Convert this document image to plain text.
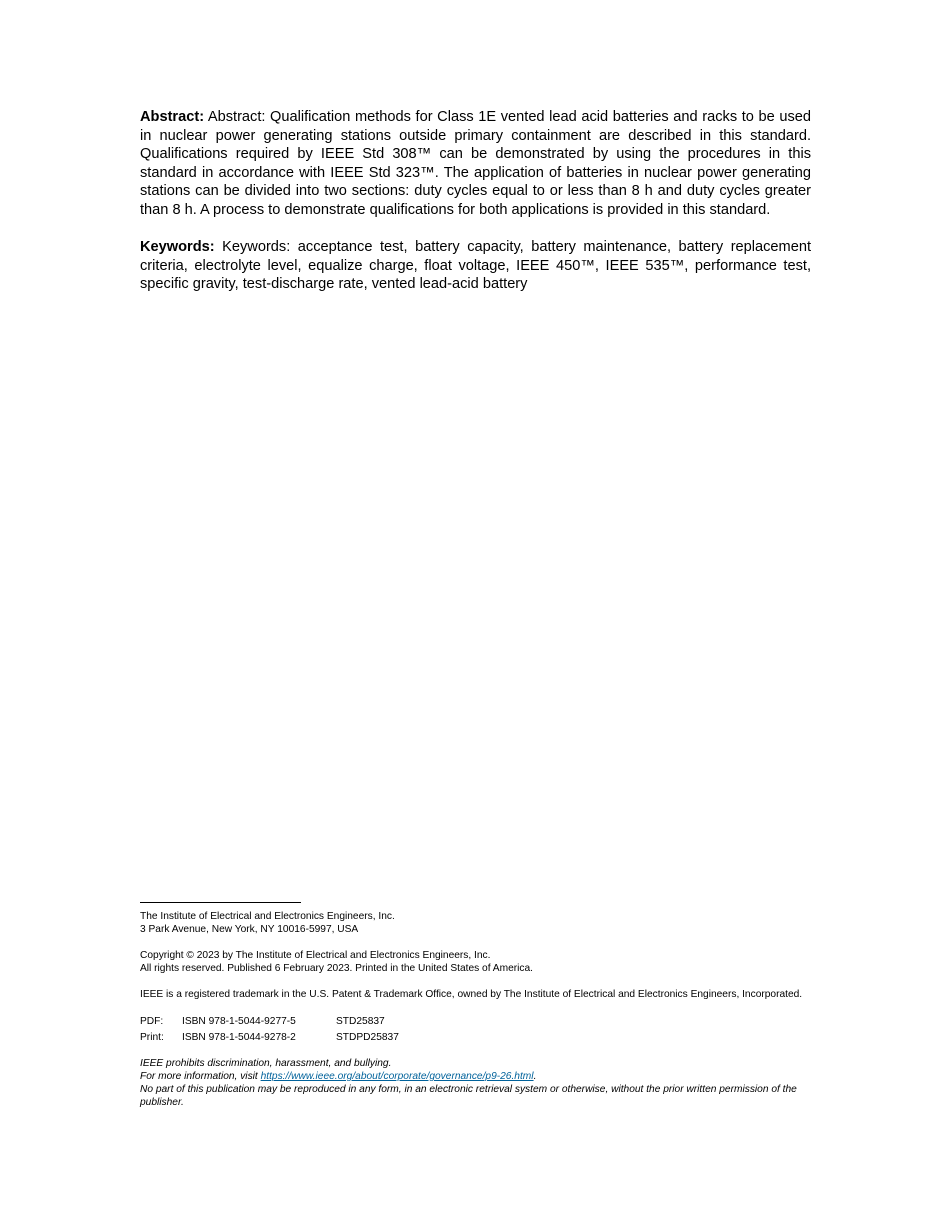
Abstract: Abstract: Qualification methods for Class 1E vented lead acid batteries and racks to be used in nuclear power generating stations outside primary containment are described in this standard. Qualifications required by IEEE Std 308™ can be demonstrated by using the procedures in this standard in accordance with IEEE Std 323™. The application of batteries in nuclear power generating stations can be divided into two sections: duty cycles equal to or less than 8 h and duty cycles greater than 8 h. A process to demonstrate qualifications for both applications is provided in this standard.

Keywords: Keywords: acceptance test, battery capacity, battery maintenance, battery replacement criteria, electrolyte level, equalize charge, float voltage, IEEE 450™, IEEE 535™, performance test, specific gravity, test-discharge rate, vented lead-acid battery

The Institute of Electrical and Electronics Engineers, Inc.
3 Park Avenue, New York, NY 10016-5997, USA
Copyright © 2023 by The Institute of Electrical and Electronics Engineers, Inc.
All rights reserved. Published 6 February 2023. Printed in the United States of America.
IEEE is a registered trademark in the U.S. Patent & Trademark Office, owned by The Institute of Electrical and Electronics Engineers, Incorporated.
PDF:	ISBN 978-1-5044-9277-5	STD25837
Print:	ISBN 978-1-5044-9278-2	STDPD25837
IEEE prohibits discrimination, harassment, and bullying.
For more information, visit https://www.ieee.org/about/corporate/governance/p9-26.html.
No part of this publication may be reproduced in any form, in an electronic retrieval system or otherwise, without the prior written permission of the publisher.
